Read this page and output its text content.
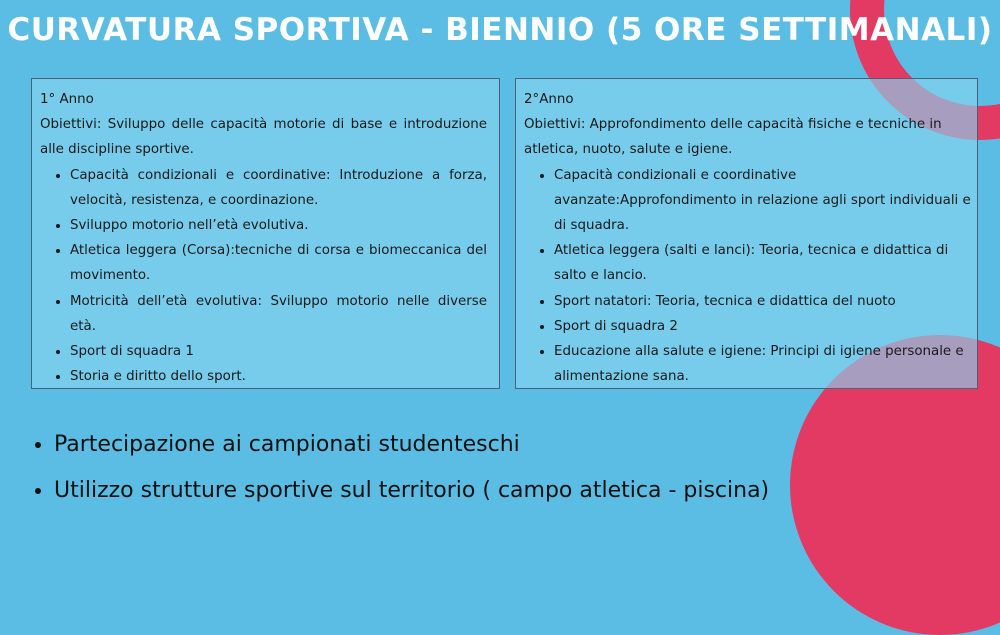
CURVATURA SPORTIVA - BIENNIO (5 ORE SETTIMANALI)

1° Anno

Obiettivi: Sviluppo delle capacità motorie di base e introduzione alle discipline sportive.

• Capacità condizionali e coordinative: Introduzione a forza, velocità, resistenza, e coordinazione.
• Sviluppo motorio nell’età evolutiva.
• Atletica leggera (Corsa):tecniche di corsa e biomeccanica del movimento.
• Motricità dell’età evolutiva: Sviluppo motorio nelle diverse età.
• Sport di squadra 1
• Storia e diritto dello sport.

2°Anno

Obiettivi: Approfondimento delle capacità fisiche e tecniche in atletica, nuoto, salute e igiene.

• Capacità condizionali e coordinative avanzate:Approfondimento in relazione agli sport individuali e di squadra.
• Atletica leggera (salti e lanci): Teoria, tecnica e didattica di salto e lancio.
• Sport natatori: Teoria, tecnica e didattica del nuoto
• Sport di squadra 2
• Educazione alla salute e igiene: Principi di igiene personale e alimentazione sana.
• Partecipazione ai campionati studenteschi
• Utilizzo strutture sportive sul territorio ( campo atletica - piscina)
